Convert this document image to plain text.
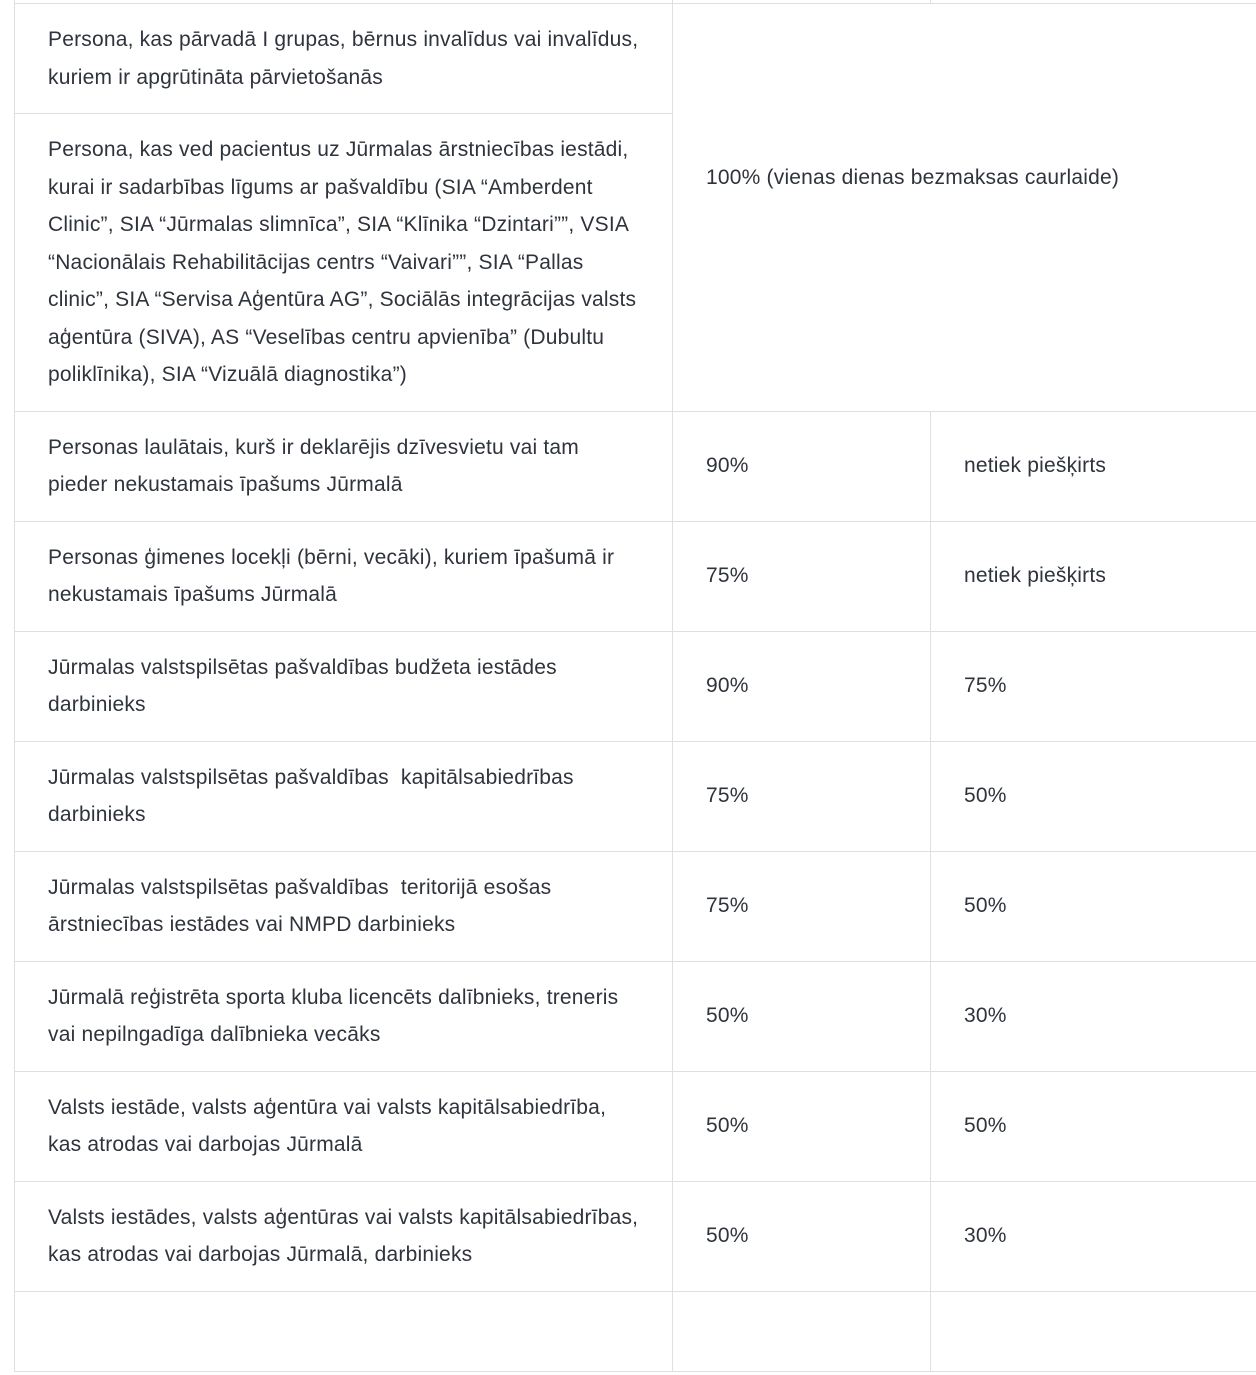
Persona, kas pārvadā I grupas, bērnus invalīdus vai invalīdus, kuriem ir apgrūtināta pārvietošanās	100% (vienas dienas bezmaksas caurlaide)	
Persona, kas ved pacientus uz Jūrmalas ārstniecības iestādi, kurai ir sadarbības līgums ar pašvaldību (SIA “Amberdent Clinic”, SIA “Jūrmalas slimnīca”, SIA “Klīnika “Dzintari””, VSIA “Nacionālais Rehabilitācijas centrs “Vaivari””, SIA “Pallas clinic”, SIA “Servisa Aģentūra AG”, Sociālās integrācijas valsts aģentūra (SIVA), AS “Veselības centru apvienība” (Dubultu poliklīnika), SIA “Vizuālā diagnostika”)		
Personas laulātais, kurš ir deklarējis dzīvesvietu vai tam pieder nekustamais īpašums Jūrmalā	90%	netiek piešķirts
Personas ģimenes locekļi (bērni, vecāki), kuriem īpašumā ir nekustamais īpašums Jūrmalā	75%	netiek piešķirts
Jūrmalas valstspilsētas pašvaldības budžeta iestādes darbinieks	90%	75%
Jūrmalas valstspilsētas pašvaldības  kapitālsabiedrības darbinieks	75%	50%
Jūrmalas valstspilsētas pašvaldības  teritorijā esošas ārstniecības iestādes vai NMPD darbinieks	75%	50%
Jūrmalā reģistrēta sporta kluba licencēts dalībnieks, treneris vai nepilngadīga dalībnieka vecāks	50%	30%
Valsts iestāde, valsts aģentūra vai valsts kapitālsabiedrība, kas atrodas vai darbojas Jūrmalā	50%	50%
Valsts iestādes, valsts aģentūras vai valsts kapitālsabiedrības, kas atrodas vai darbojas Jūrmalā, darbinieks	50%	30%
